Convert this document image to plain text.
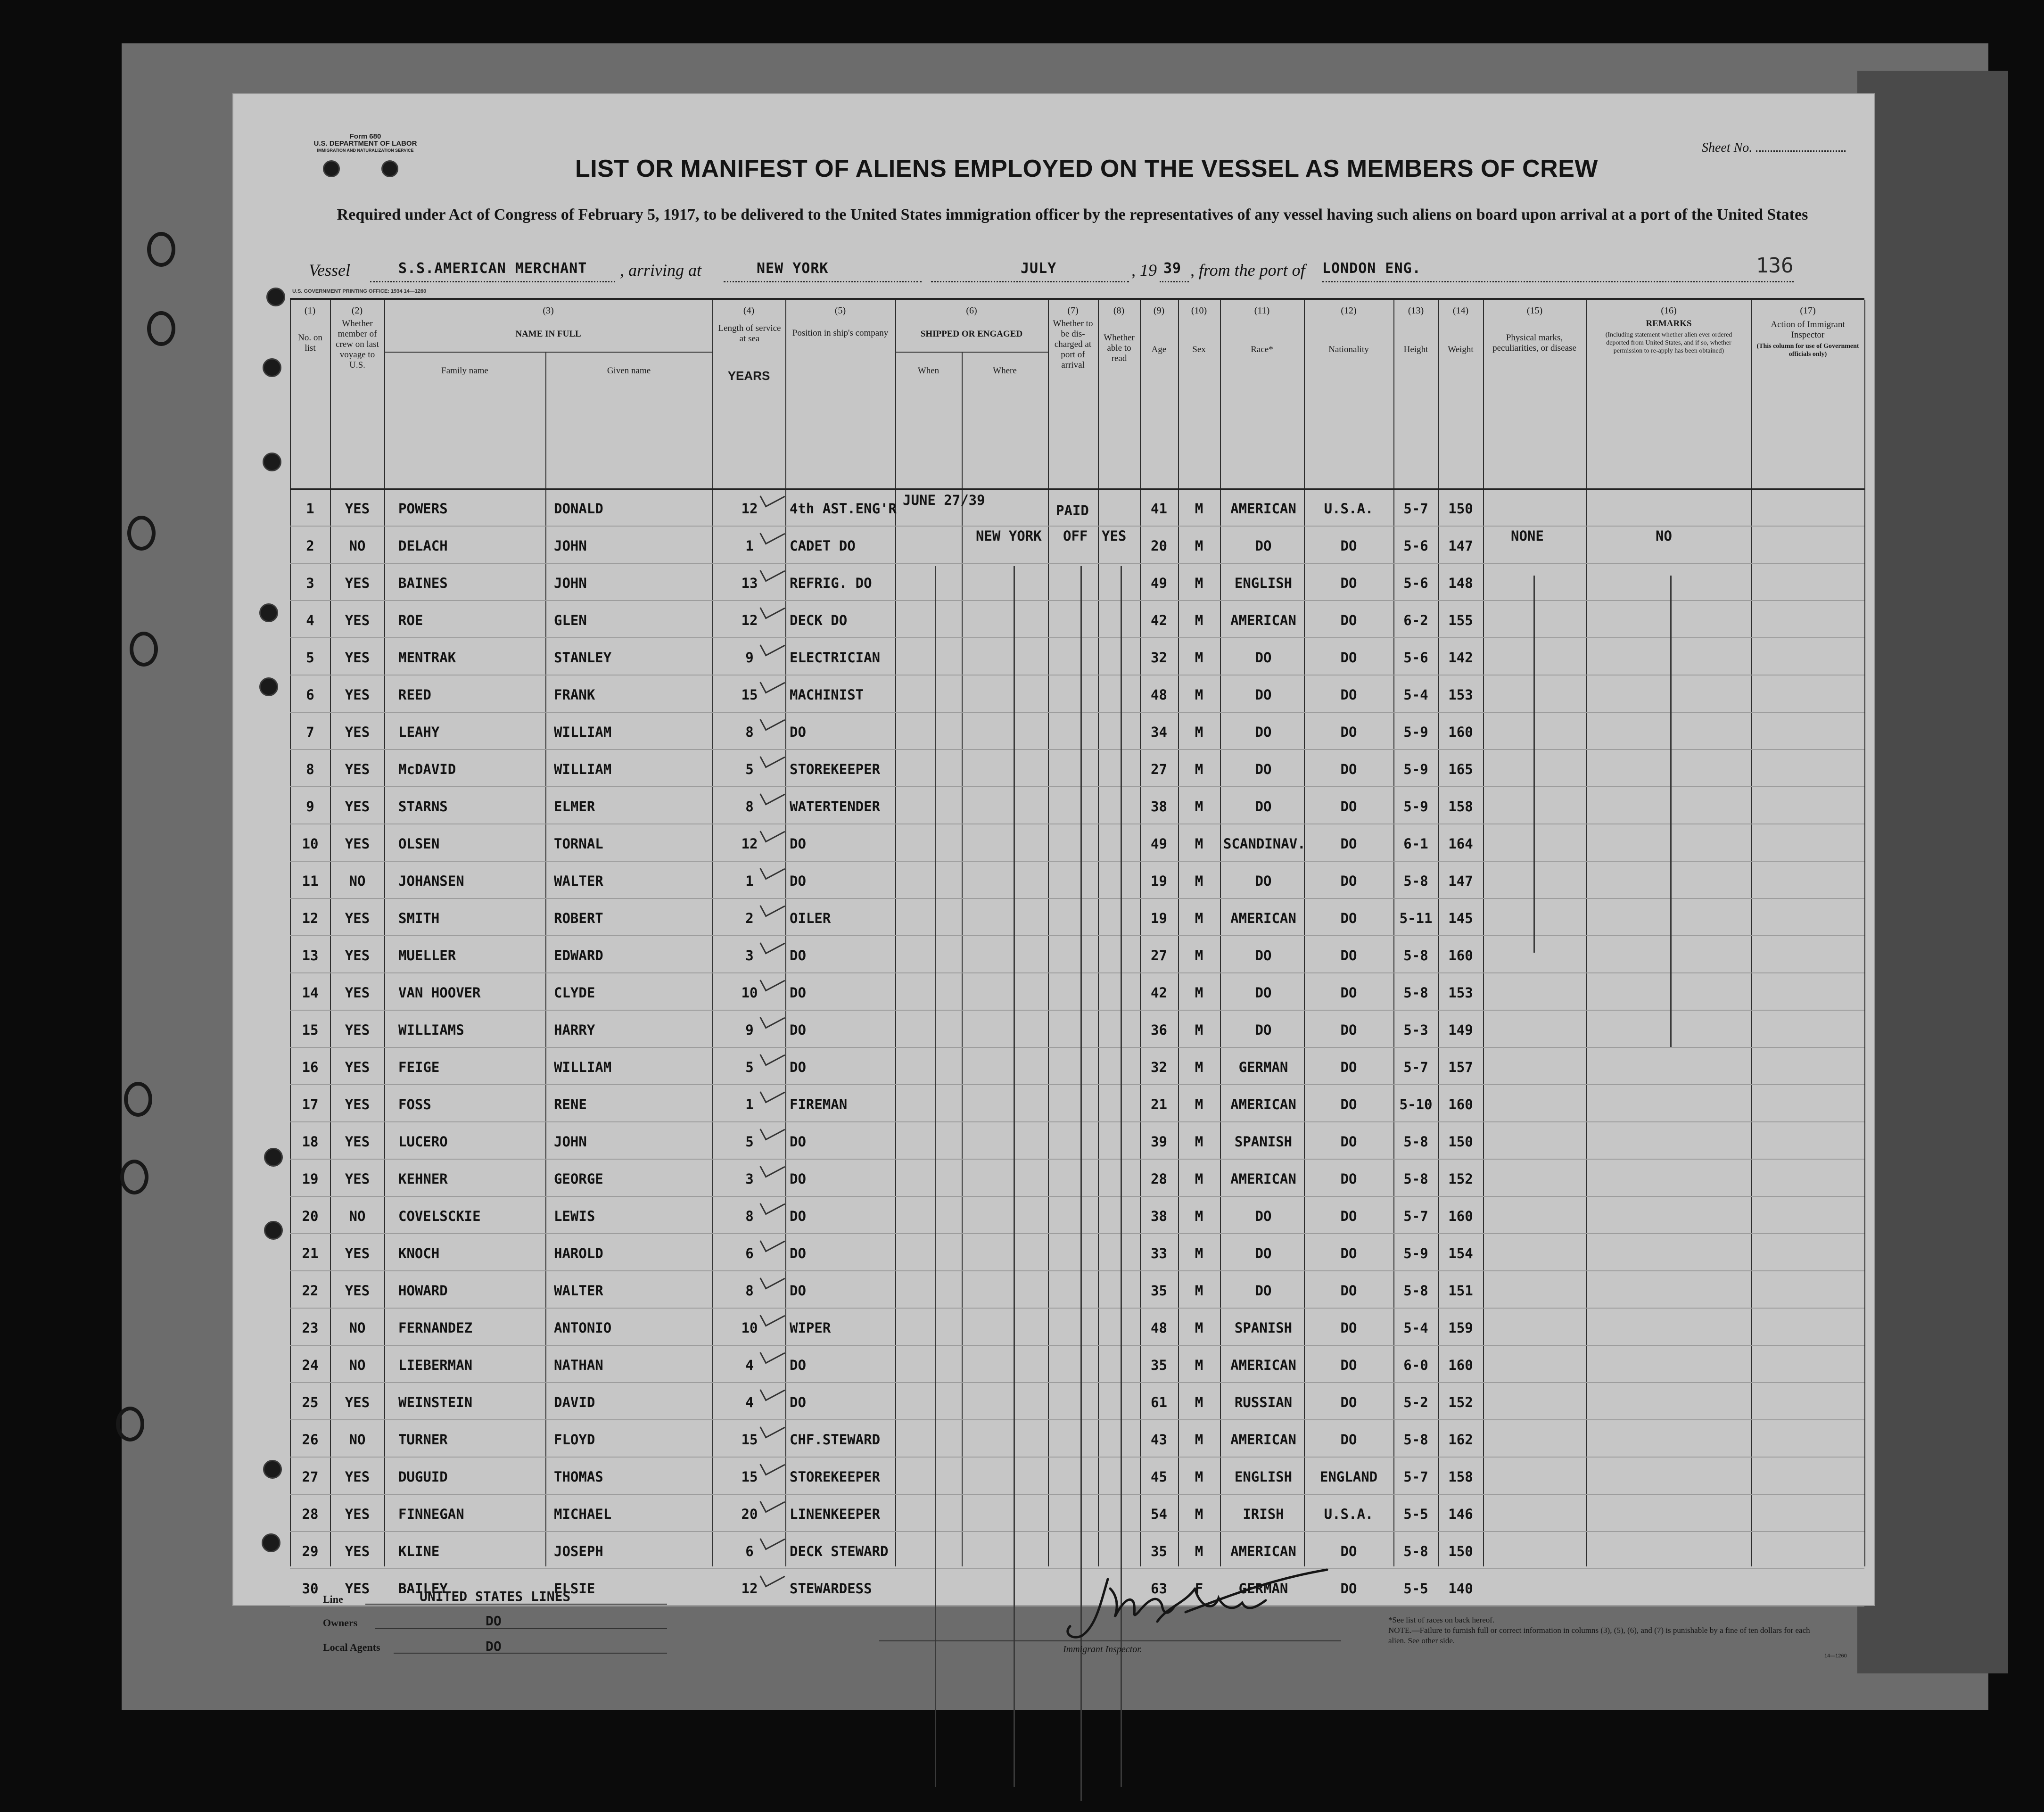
Form 680
U.S. DEPARTMENT OF LABOR
IMMIGRATION AND NATURALIZATION SERVICE	Sheet No.
LIST OR MANIFEST OF ALIENS EMPLOYED ON THE VESSEL AS MEMBERS OF CREW
Required under Act of Congress of February 5, 1917, to be delivered to the United States immigration officer by the representatives of any vessel having such aliens on board upon arrival at a port of the United States
Vessel	S.S.AMERICAN MERCHANT , arriving at	NEW YORK	JULY	, 19 39 , from the port of LONDON ENG.	136
U.S. GOVERNMENT PRINTING OFFICE: 1934 14—1260
(1)	(2)	(3)	(4)	(5)	(6)	(7)	(8)	(9)	(10)	(11)	(12)	(13)	(14)	(15)	(16)	(17)
No. on list
Whether member of crew on last voyage to U.S.
NAME IN FULL
Family name	Given name
Length of service at sea
YEARS
Position in ship's company	SHIPPED OR ENGAGED
When	Where
Whether to be dis-charged at port of arrival
Whether able to read
Age	Sex	Race*	Nationality	Height	Weight
Physical marks, peculiarities, or disease
REMARKS
(Including statement whether alien ever ordered deported from United States, and if so, whether permission to re-apply has been obtained)
Action of Immigrant Inspector
(This column for use of Government officials only)
JUNE 27/39
NEW YORK
PAID
OFF YES	NONE	NO
1	YES	POWERS	DONALD	12	4th AST.ENG'R	41	M	AMERICAN	U.S.A.	5-7	150
2	NO	DELACH	JOHN	1	CADET DO	20	M	DO	DO	5-6	147
3	YES	BAINES	JOHN	13	REFRIG. DO	49	M	ENGLISH	DO	5-6	148
4	YES	ROE	GLEN	12	DECK DO	42	M	AMERICAN	DO	6-2	155
5	YES	MENTRAK	STANLEY	9	ELECTRICIAN	32	M	DO	DO	5-6	142
6	YES	REED	FRANK	15	MACHINIST	48	M	DO	DO	5-4	153
7	YES	LEAHY	WILLIAM	8	DO	34	M	DO	DO	5-9	160
8	YES	McDAVID	WILLIAM	5	STOREKEEPER	27	M	DO	DO	5-9	165
9	YES	STARNS	ELMER	8	WATERTENDER	38	M	DO	DO	5-9	158
10	YES	OLSEN	TORNAL	12	DO	49	M	SCANDINAV.	DO	6-1	164
11	NO	JOHANSEN	WALTER	1	DO	19	M	DO	DO	5-8	147
12	YES	SMITH	ROBERT	2	OILER	19	M	AMERICAN	DO	5-11	145
13	YES	MUELLER	EDWARD	3	DO	27	M	DO	DO	5-8	160
14	YES	VAN HOOVER	CLYDE	10	DO	42	M	DO	DO	5-8	153
15	YES	WILLIAMS	HARRY	9	DO	36	M	DO	DO	5-3	149
16	YES	FEIGE	WILLIAM	5	DO	32	M	GERMAN	DO	5-7	157
17	YES	FOSS	RENE	1	FIREMAN	21	M	AMERICAN	DO	5-10	160
18	YES	LUCERO	JOHN	5	DO	39	M	SPANISH	DO	5-8	150
19	YES	KEHNER	GEORGE	3	DO	28	M	AMERICAN	DO	5-8	152
20	NO	COVELSCKIE	LEWIS	8	DO	38	M	DO	DO	5-7	160
21	YES	KNOCH	HAROLD	6	DO	33	M	DO	DO	5-9	154
22	YES	HOWARD	WALTER	8	DO	35	M	DO	DO	5-8	151
23	NO	FERNANDEZ	ANTONIO	10	WIPER	48	M	SPANISH	DO	5-4	159
24	NO	LIEBERMAN	NATHAN	4	DO	35	M	AMERICAN	DO	6-0	160
25	YES	WEINSTEIN	DAVID	4	DO	61	M	RUSSIAN	DO	5-2	152
26	NO	TURNER	FLOYD	15	CHF.STEWARD	43	M	AMERICAN	DO	5-8	162
27	YES	DUGUID	THOMAS	15	STOREKEEPER	45	M	ENGLISH	ENGLAND	5-7	158
28	YES	FINNEGAN	MICHAEL	20	LINENKEEPER	54	M	IRISH	U.S.A.	5-5	146
29	YES	KLINE	JOSEPH	6	DECK STEWARD	35	M	AMERICAN	DO	5-8	150
30	YES	BAILEY	ELSIE	12	STEWARDESS	63	F	GERMAN	DO	5-5	140
Line	UNITED STATES LINES
Owners	DO
Local Agents	DO	Immigrant Inspector.
*See list of races on back hereof.
NOTE.—Failure to furnish full or correct information in columns (3), (5), (6), and (7) is punishable by a fine of ten dollars for each alien. See other side.
14—1260
